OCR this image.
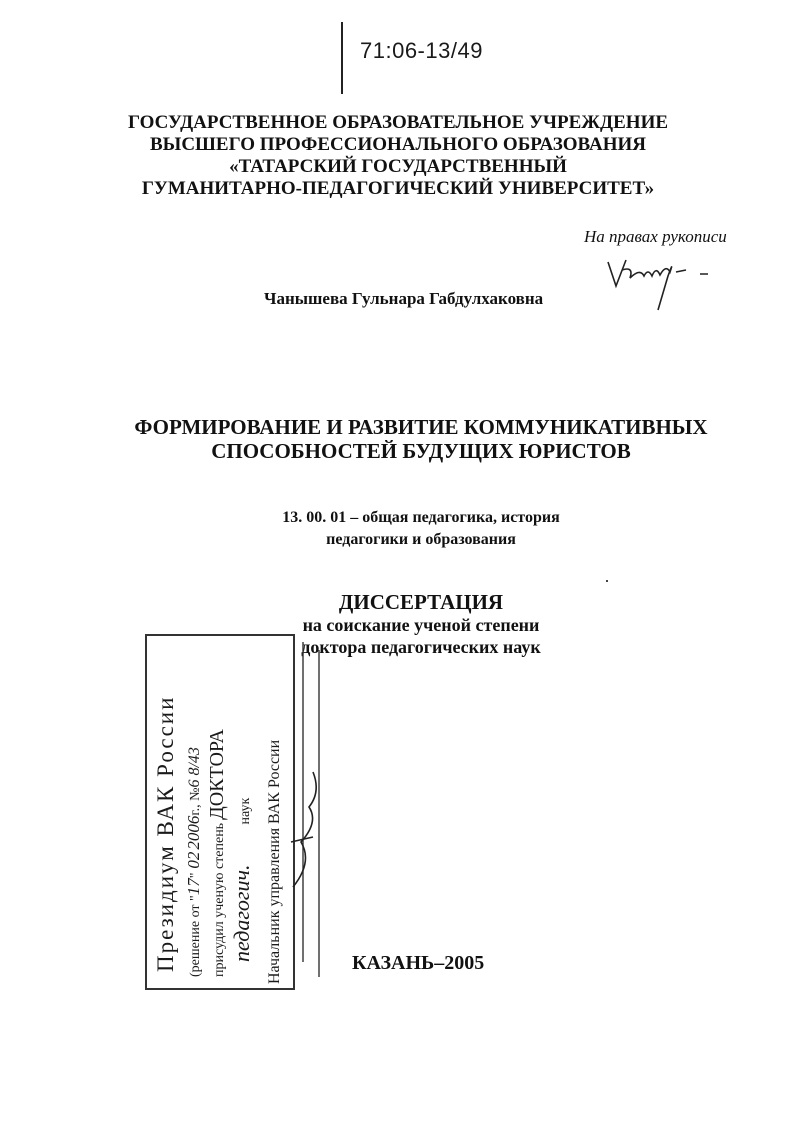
71:06-13/49
ГОСУДАРСТВЕННОЕ ОБРАЗОВАТЕЛЬНОЕ УЧРЕЖДЕНИЕ
ВЫСШЕГО ПРОФЕССИОНАЛЬНОГО ОБРАЗОВАНИЯ
«ТАТАРСКИЙ ГОСУДАРСТВЕННЫЙ
ГУМАНИТАРНО-ПЕДАГОГИЧЕСКИЙ УНИВЕРСИТЕТ»
На правах рукописи
Чанышева Гульнара Габдулхаковна
ФОРМИРОВАНИЕ И РАЗВИТИЕ КОММУНИКАТИВНЫХ
СПОСОБНОСТЕЙ БУДУЩИХ ЮРИСТОВ
13. 00. 01 – общая педагогика, история
педагогики и образования
ДИССЕРТАЦИЯ
на соискание ученой степени
доктора педагогических наук
Президиум ВАК России (решение от "17"022006г., №6 8/43
присудил ученую степеньДОКТОРА
педагогич.наук Начальник управления ВАК России	КАЗАНЬ–2005
